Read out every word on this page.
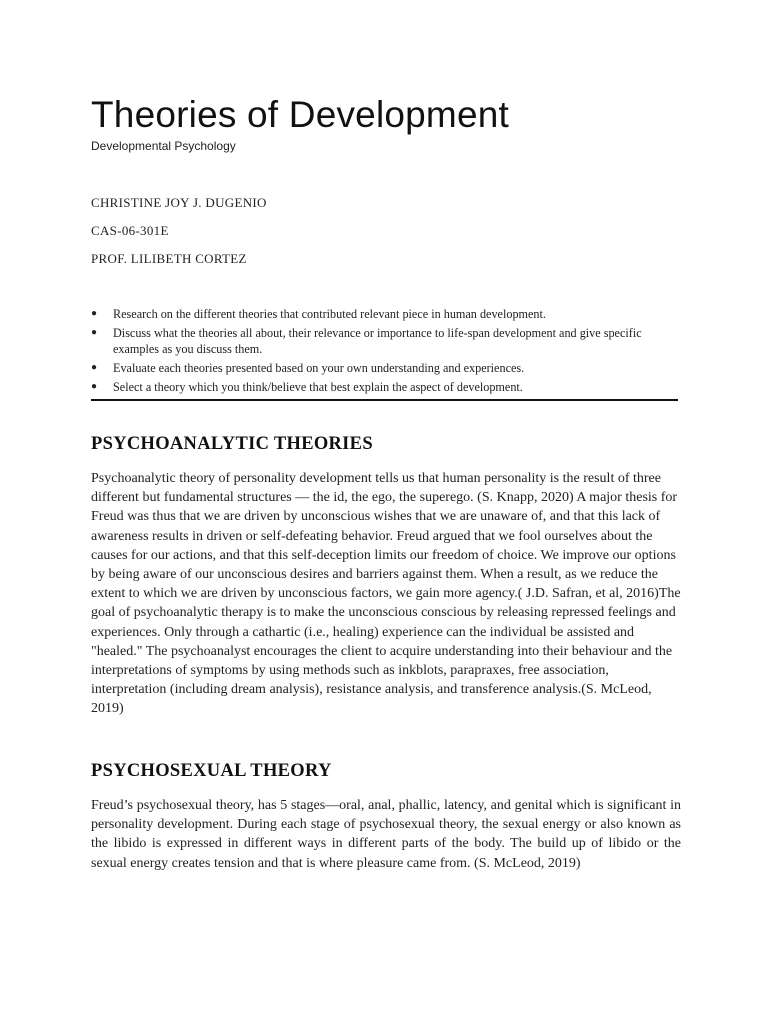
Theories of Development
Developmental Psychology
CHRISTINE JOY J. DUGENIO
CAS-06-301E
PROF. LILIBETH CORTEZ
●	Research on the different theories that contributed relevant piece in human development.
●	Discuss what the theories all about, their relevance or importance to life-span development and give specific examples as you discuss them.
●	Evaluate each theories presented based on your own understanding and experiences.
●	Select a theory which you think/believe that best explain the aspect of development.
PSYCHOANALYTIC THEORIES
Psychoanalytic theory of personality development tells us that human personality is the result of three different but fundamental structures — the id, the ego, the superego. (S. Knapp, 2020) A major thesis for Freud was thus that we are driven by unconscious wishes that we are unaware of, and that this lack of awareness results in driven or self-defeating behavior. Freud argued that we fool ourselves about the causes for our actions, and that this self-deception limits our freedom of choice. We improve our options by being aware of our unconscious desires and barriers against them. When a result, as we reduce the extent to which we are driven by unconscious factors, we gain more agency.( J.D. Safran, et al, 2016)The goal of psychoanalytic therapy is to make the unconscious conscious by releasing repressed feelings and experiences. Only through a cathartic (i.e., healing) experience can the individual be assisted and "healed." The psychoanalyst encourages the client to acquire understanding into their behaviour and the interpretations of symptoms by using methods such as inkblots, parapraxes, free association, interpretation (including dream analysis), resistance analysis, and transference analysis.(S. McLeod, 2019)
PSYCHOSEXUAL THEORY
Freud’s psychosexual theory, has 5 stages—oral, anal, phallic, latency, and genital which is significant in personality development. During each stage of psychosexual theory, the sexual energy or also known as the libido is expressed in different ways in different parts of the body. The build up of libido or the sexual energy creates tension and that is where pleasure came from. (S. McLeod, 2019)
